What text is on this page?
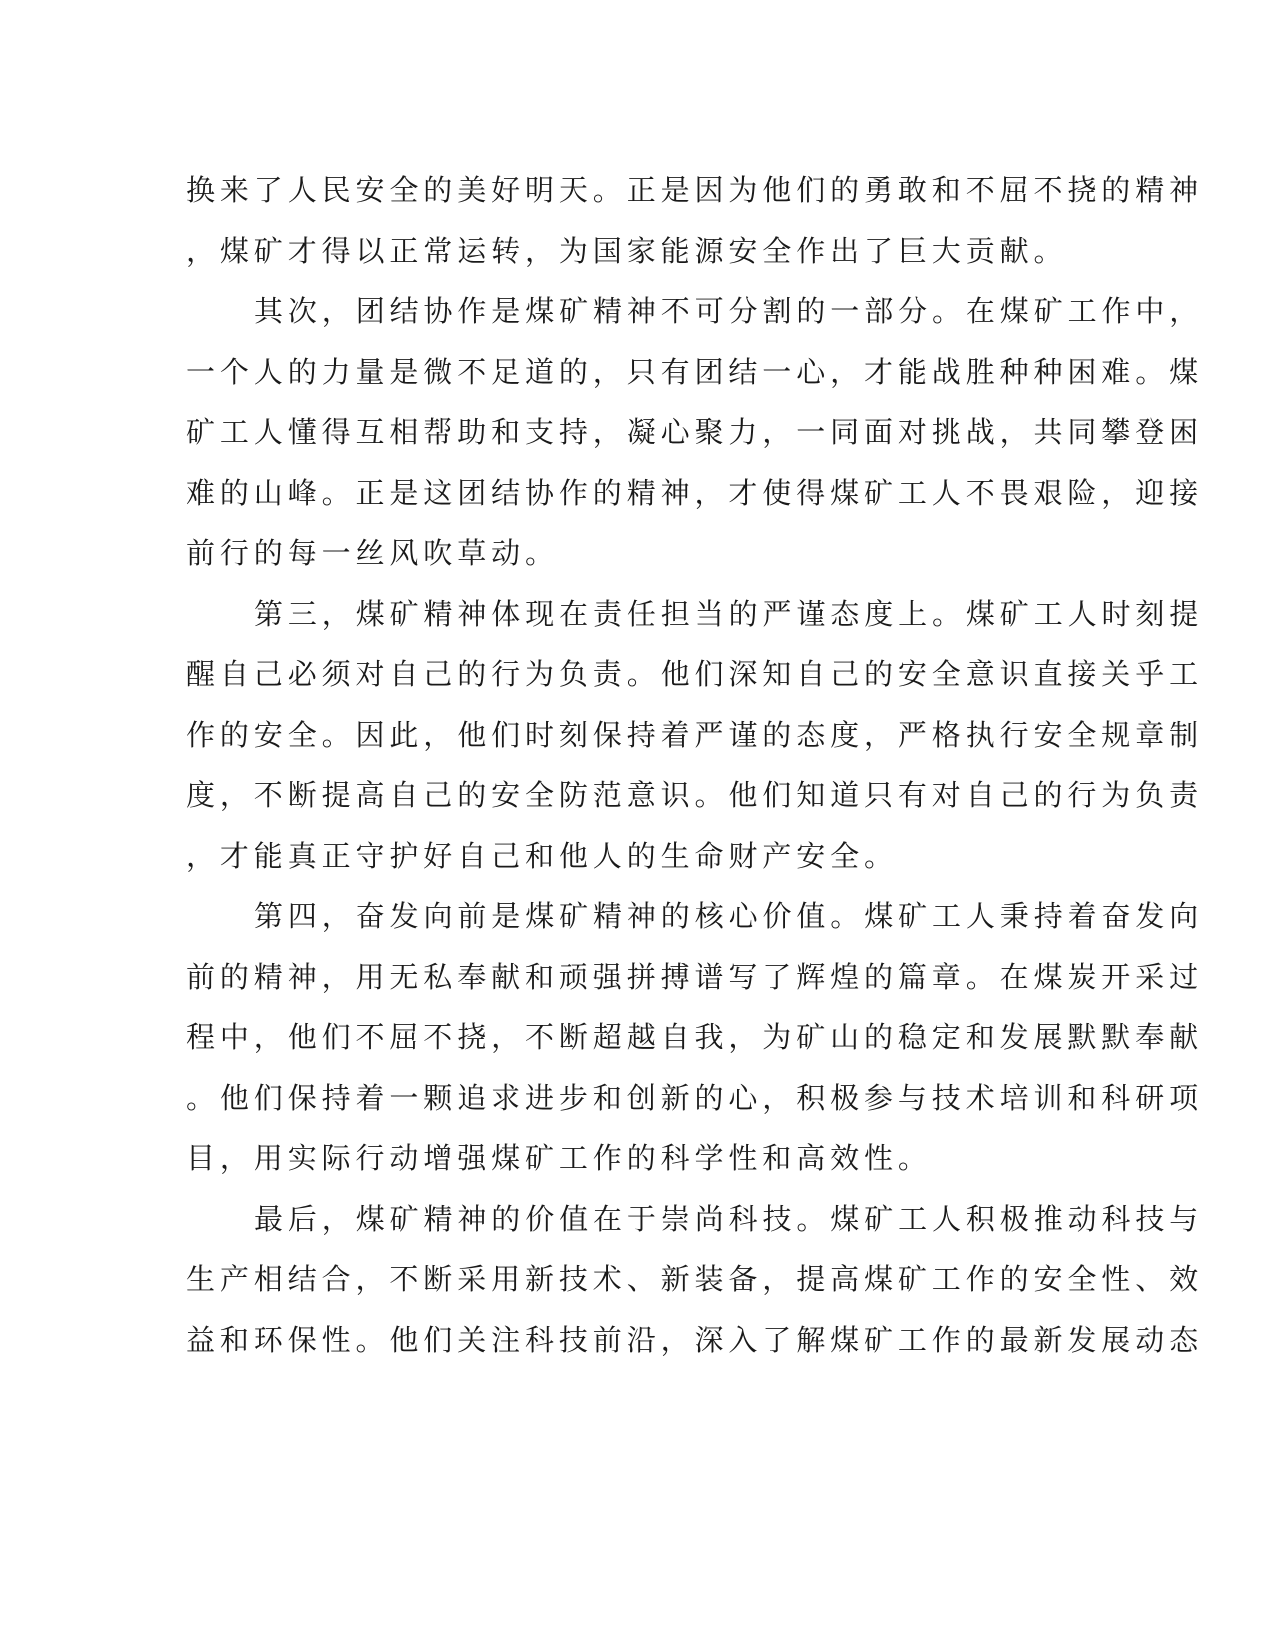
换来了人民安全的美好明天。正是因为他们的勇敢和不屈不挠的精神
，煤矿才得以正常运转，为国家能源安全作出了巨大贡献。
其次，团结协作是煤矿精神不可分割的一部分。在煤矿工作中，
一个人的力量是微不足道的，只有团结一心，才能战胜种种困难。煤
矿工人懂得互相帮助和支持，凝心聚力，一同面对挑战，共同攀登困
难的山峰。正是这团结协作的精神，才使得煤矿工人不畏艰险，迎接
前行的每一丝风吹草动。
第三，煤矿精神体现在责任担当的严谨态度上。煤矿工人时刻提
醒自己必须对自己的行为负责。他们深知自己的安全意识直接关乎工
作的安全。因此，他们时刻保持着严谨的态度，严格执行安全规章制
度，不断提高自己的安全防范意识。他们知道只有对自己的行为负责
，才能真正守护好自己和他人的生命财产安全。
第四，奋发向前是煤矿精神的核心价值。煤矿工人秉持着奋发向
前的精神，用无私奉献和顽强拼搏谱写了辉煌的篇章。在煤炭开采过
程中，他们不屈不挠，不断超越自我，为矿山的稳定和发展默默奉献
。他们保持着一颗追求进步和创新的心，积极参与技术培训和科研项
目，用实际行动增强煤矿工作的科学性和高效性。
最后，煤矿精神的价值在于崇尚科技。煤矿工人积极推动科技与
生产相结合，不断采用新技术、新装备，提高煤矿工作的安全性、效
益和环保性。他们关注科技前沿，深入了解煤矿工作的最新发展动态
